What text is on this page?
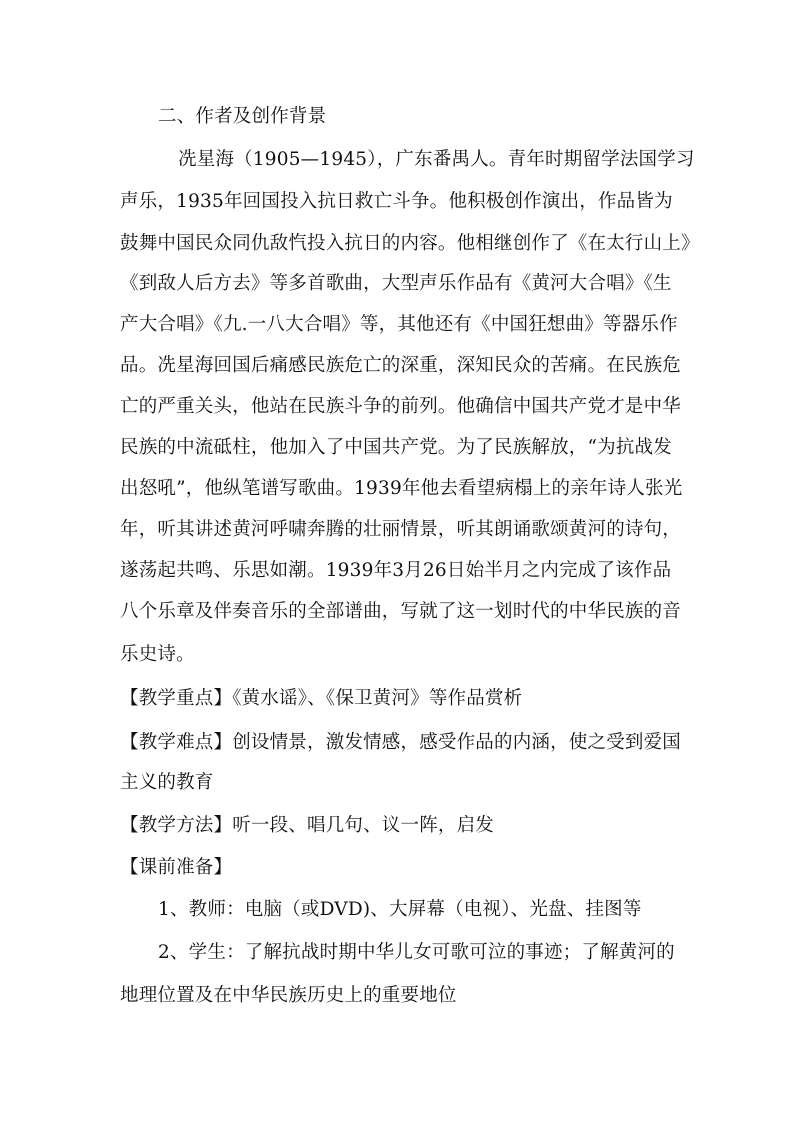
二、作者及创作背景
冼星海（1905—1945），广东番禺人。青年时期留学法国学习
声乐，1935年回国投入抗日救亡斗争。他积极创作演出，作品皆为
鼓舞中国民众同仇敌忾投入抗日的内容。他相继创作了《在太行山上》
《到敌人后方去》等多首歌曲，大型声乐作品有《黄河大合唱》《生
产大合唱》《九.一八大合唱》等，其他还有《中国狂想曲》等器乐作
品。冼星海回国后痛感民族危亡的深重，深知民众的苦痛。在民族危
亡的严重关头，他站在民族斗争的前列。他确信中国共产党才是中华
民族的中流砥柱，他加入了中国共产党。为了民族解放，“为抗战发
出怒吼”，他纵笔谱写歌曲。1939年他去看望病榻上的亲年诗人张光
年，听其讲述黄河呼啸奔腾的壮丽情景，听其朗诵歌颂黄河的诗句，
遂荡起共鸣、乐思如潮。1939年3月26日始半月之内完成了该作品
八个乐章及伴奏音乐的全部谱曲，写就了这一划时代的中华民族的音
乐史诗。
【教学重点】《黄水谣》、《保卫黄河》等作品赏析
【教学难点】创设情景，激发情感，感受作品的内涵，使之受到爱国
主义的教育
【教学方法】听一段、唱几句、议一阵，启发
【课前准备】
1、教师：电脑（或DVD)、大屏幕（电视）、光盘、挂图等
2、学生：了解抗战时期中华儿女可歌可泣的事迹；了解黄河的
地理位置及在中华民族历史上的重要地位
